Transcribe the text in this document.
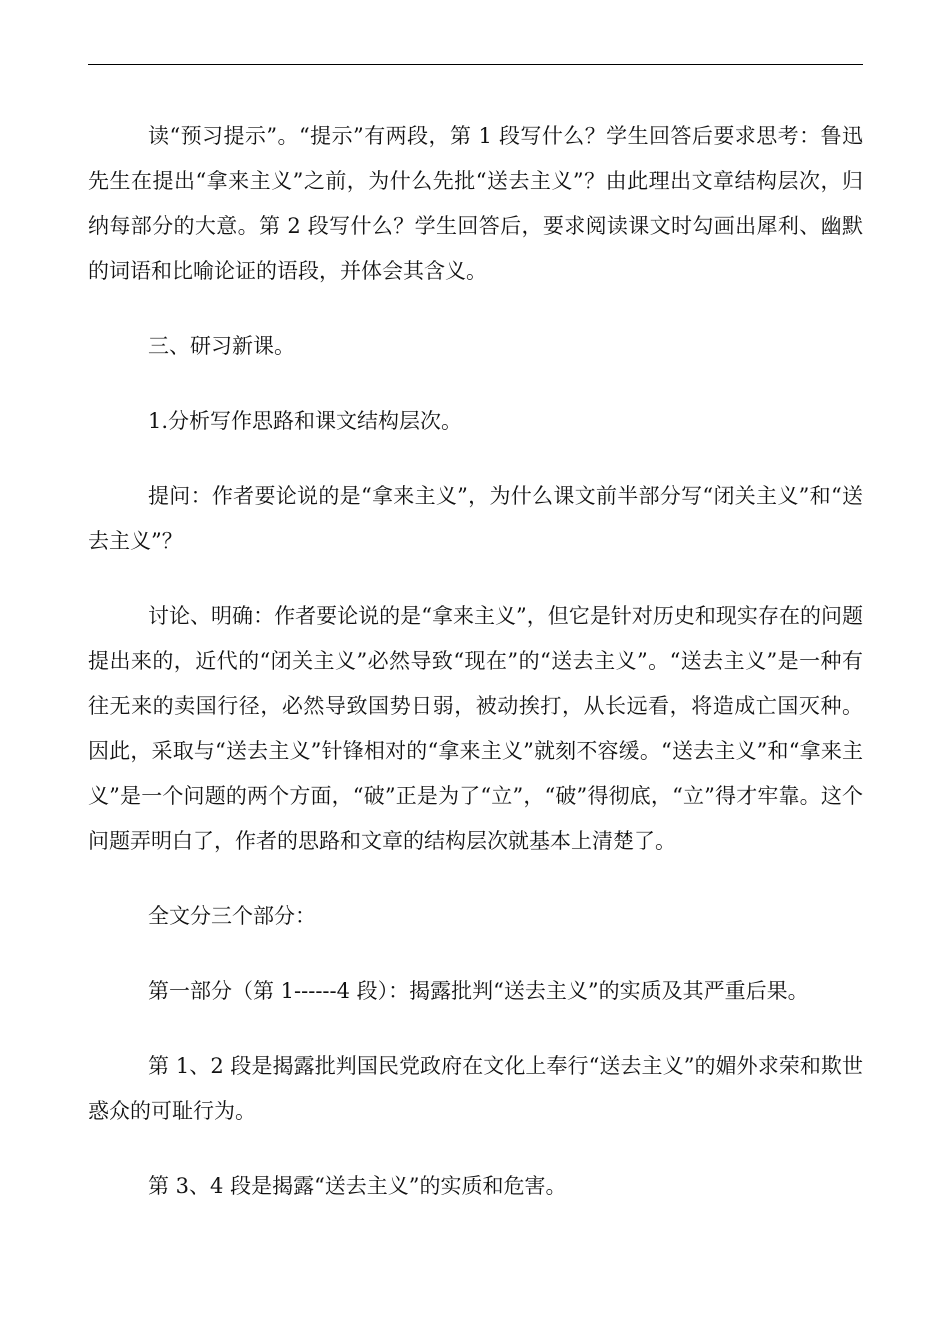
读“预习提示”。“提示”有两段，第 1 段写什么？学生回答后要求思考：鲁迅先生在提出“拿来主义”之前，为什么先批“送去主义”？由此理出文章结构层次，归纳每部分的大意。第 2 段写什么？学生回答后，要求阅读课文时勾画出犀利、幽默的词语和比喻论证的语段，并体会其含义。

三、研习新课。

1.分析写作思路和课文结构层次。

提问：作者要论说的是“拿来主义”，为什么课文前半部分写“闭关主义”和“送去主义”？

讨论、明确：作者要论说的是“拿来主义”，但它是针对历史和现实存在的问题提出来的，近代的“闭关主义”必然导致“现在”的“送去主义”。“送去主义”是一种有往无来的卖国行径，必然导致国势日弱，被动挨打，从长远看，将造成亡国灭种。因此，采取与“送去主义”针锋相对的“拿来主义”就刻不容缓。“送去主义”和“拿来主义”是一个问题的两个方面，“破”正是为了“立”，“破”得彻底，“立”得才牢靠。这个问题弄明白了，作者的思路和文章的结构层次就基本上清楚了。

全文分三个部分：

第一部分（第 1------4 段）：揭露批判“送去主义”的实质及其严重后果。

第 1、2 段是揭露批判国民党政府在文化上奉行“送去主义”的媚外求荣和欺世惑众的可耻行为。

第 3、4 段是揭露“送去主义”的实质和危害。
